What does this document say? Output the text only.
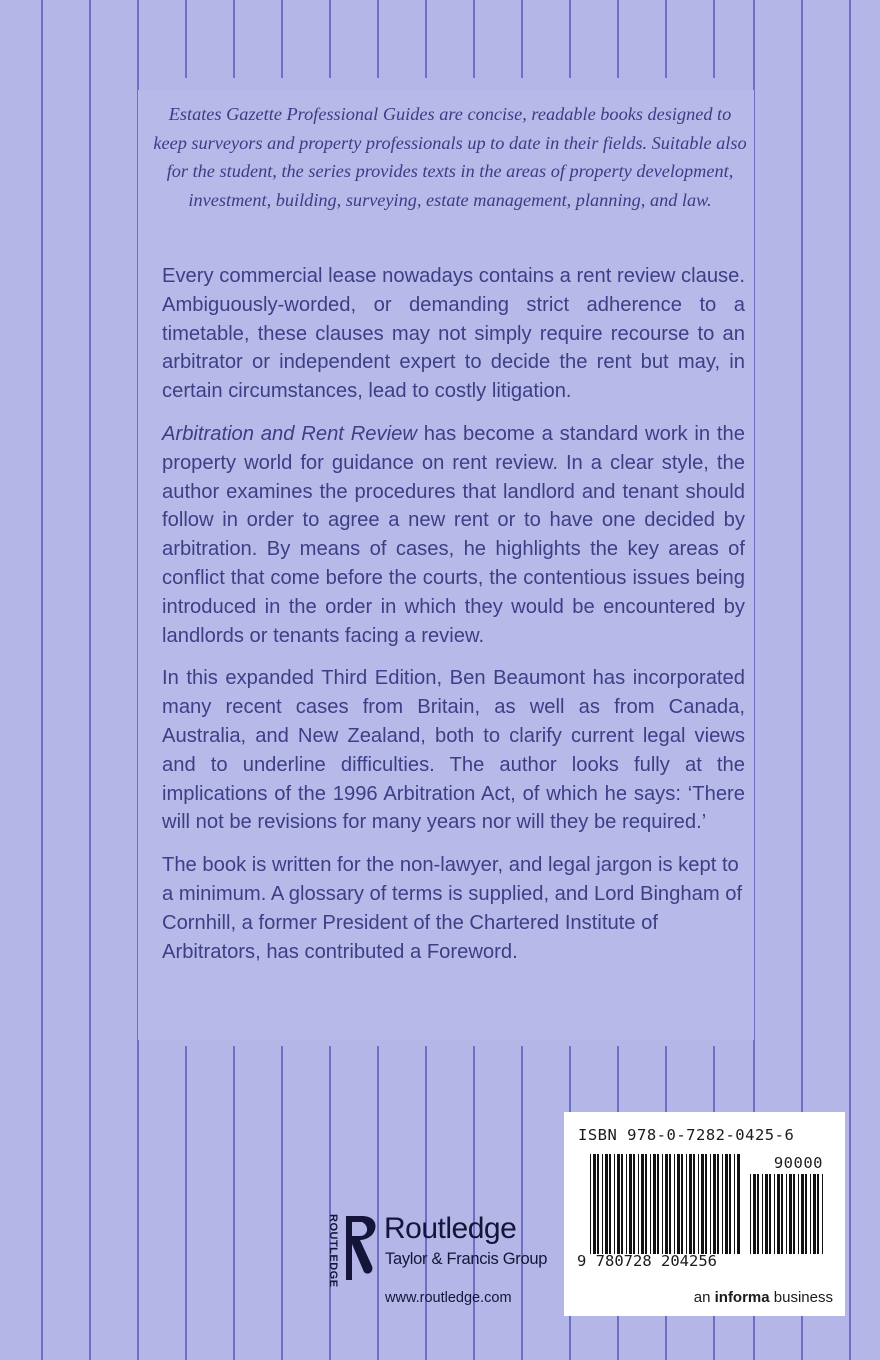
Estates Gazette Professional Guides are concise, readable books designed to keep surveyors and property professionals up to date in their fields. Suitable also for the student, the series provides texts in the areas of property development, investment, building, surveying, estate management, planning, and law.

Every commercial lease nowadays contains a rent review clause. Ambiguously-worded, or demanding strict adherence to a timetable, these clauses may not simply require recourse to an arbitrator or independent expert to decide the rent but may, in certain circumstances, lead to costly litigation.

Arbitration and Rent Review has become a standard work in the property world for guidance on rent review. In a clear style, the author examines the procedures that landlord and tenant should follow in order to agree a new rent or to have one decided by arbitration. By means of cases, he highlights the key areas of conflict that come before the courts, the contentious issues being introduced in the order in which they would be encountered by landlords or tenants facing a review.

In this expanded Third Edition, Ben Beaumont has incorporated many recent cases from Britain, as well as from Canada, Australia, and New Zealand, both to clarify current legal views and to underline difficulties. The author looks fully at the implications of the 1996 Arbitration Act, of which he says: ‘There will not be revisions for many years nor will they be required.’

The book is written for the non-lawyer, and legal jargon is kept to a minimum. A glossary of terms is supplied, and Lord Bingham of Cornhill, a former President of the Chartered Institute of Arbitrators, has contributed a Foreword.

ISBN 978-0-7282-0425-6
90000
9 780728 204256
an informa business
ROUTLEDGE Routledge
Taylor & Francis Group
www.routledge.com
